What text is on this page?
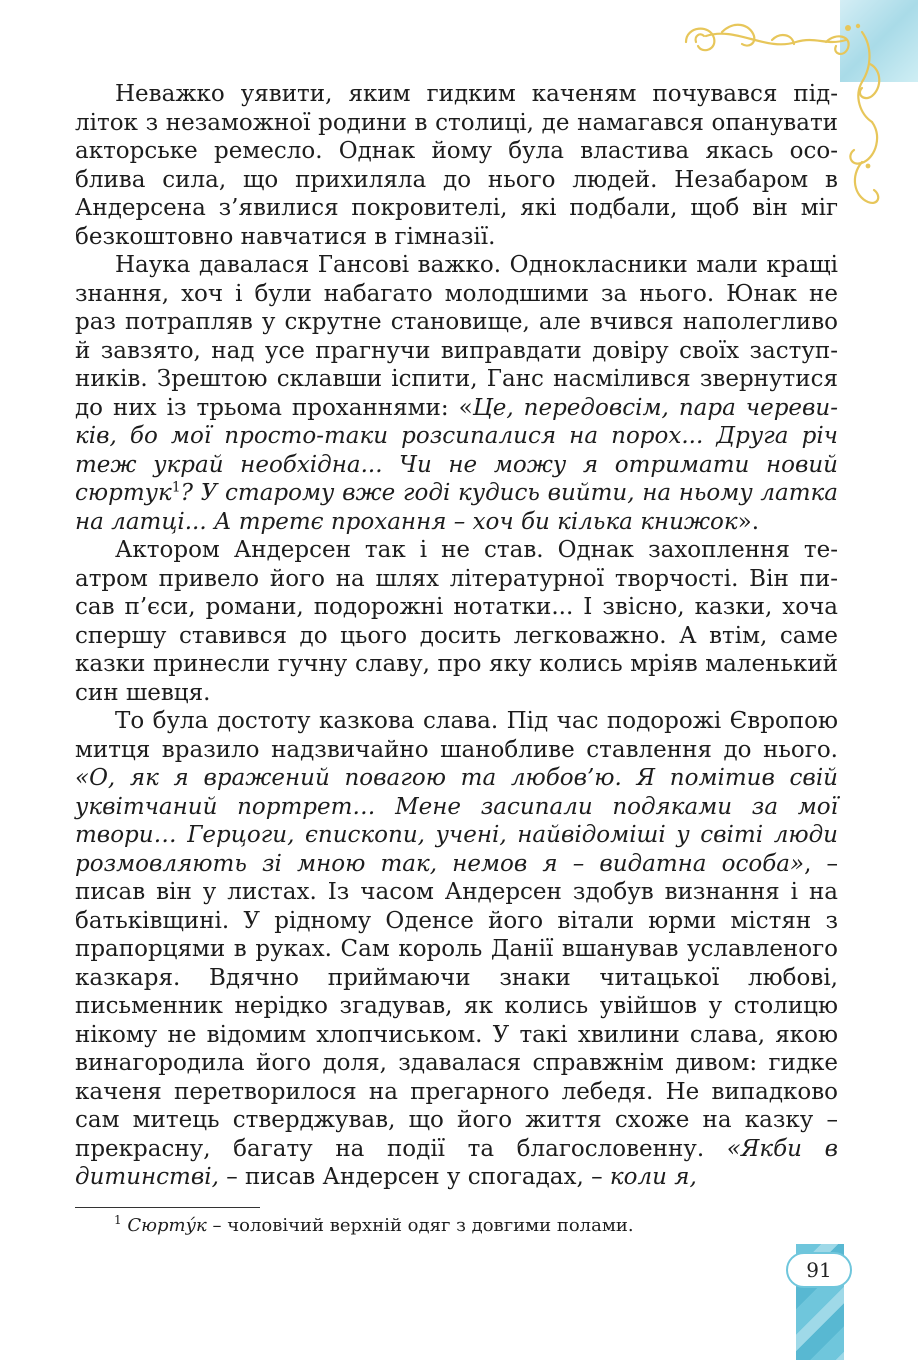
Неважко уявити, яким гидким каченям почувався підліток з незаможної родини в столиці, де намагався опанувати акторське ремесло. Однак йому була властива якась особлива сила, що прихиляла до нього людей. Незабаром в Андерсена з’явилися покровителі, які подбали, щоб він міг безкоштовно навчатися в гімназії.

Наука давалася Гансові важко. Однокласники мали кращі знання, хоч і були набагато молодшими за нього. Юнак не раз потрапляв у скрутне становище, але вчився наполегливо й завзято, над усе прагнучи виправдати довіру своїх заступників. Зрештою склавши іспити, Ганс насмілився звернутися до них із трьома проханнями: «Це, передовсім, пара черевиків, бо мої просто-таки розсипалися на порох... Друга річ теж украй необхідна... Чи не можу я отримати новий сюртук$^1$? У старому вже годі кудись вийти, на ньому латка на латці... А третє прохання – хоч би кілька книжок».

Актором Андерсен так і не став. Однак захоплення театром привело його на шлях літературної творчості. Він писав п’єси, романи, подорожні нотатки... І звісно, казки, хоча спершу ставився до цього досить легковажно. А втім, саме казки принесли гучну славу, про яку колись мріяв маленький син шевця.

То була достоту казкова слава. Під час подорожі Європою митця вразило надзвичайно шанобливе ставлення до нього. «О, як я вражений повагою та любов’ю. Я помітив свій уквітчаний портрет… Мене засипали подяками за мої твори… Герцоги, єпископи, учені, найвідоміші у світі люди розмовляють зі мною так, немов я – видатна особа», – писав він у листах. Із часом Андерсен здобув визнання і на батьківщині. У рідному Оденсе його вітали юрми містян з прапорцями в руках. Сам король Данії вшанував уславленого казкаря. Вдячно приймаючи знаки читацької любові, письменник нерідко згадував, як колись увійшов у столицю нікому не відомим хлопчиськом. У такі хвилини слава, якою винагородила його доля, здавалася справжнім дивом: гидке каченя перетворилося на прегарного лебедя. Не випадково сам митець стверджував, що його життя схоже на казку – прекрасну, багату на події та благословенну. «Якби в дитинстві, – писав Андерсен у спогадах, – коли я,

$^1$ Сюрту́к – чоловічий верхній одяг з довгими полами.
91
